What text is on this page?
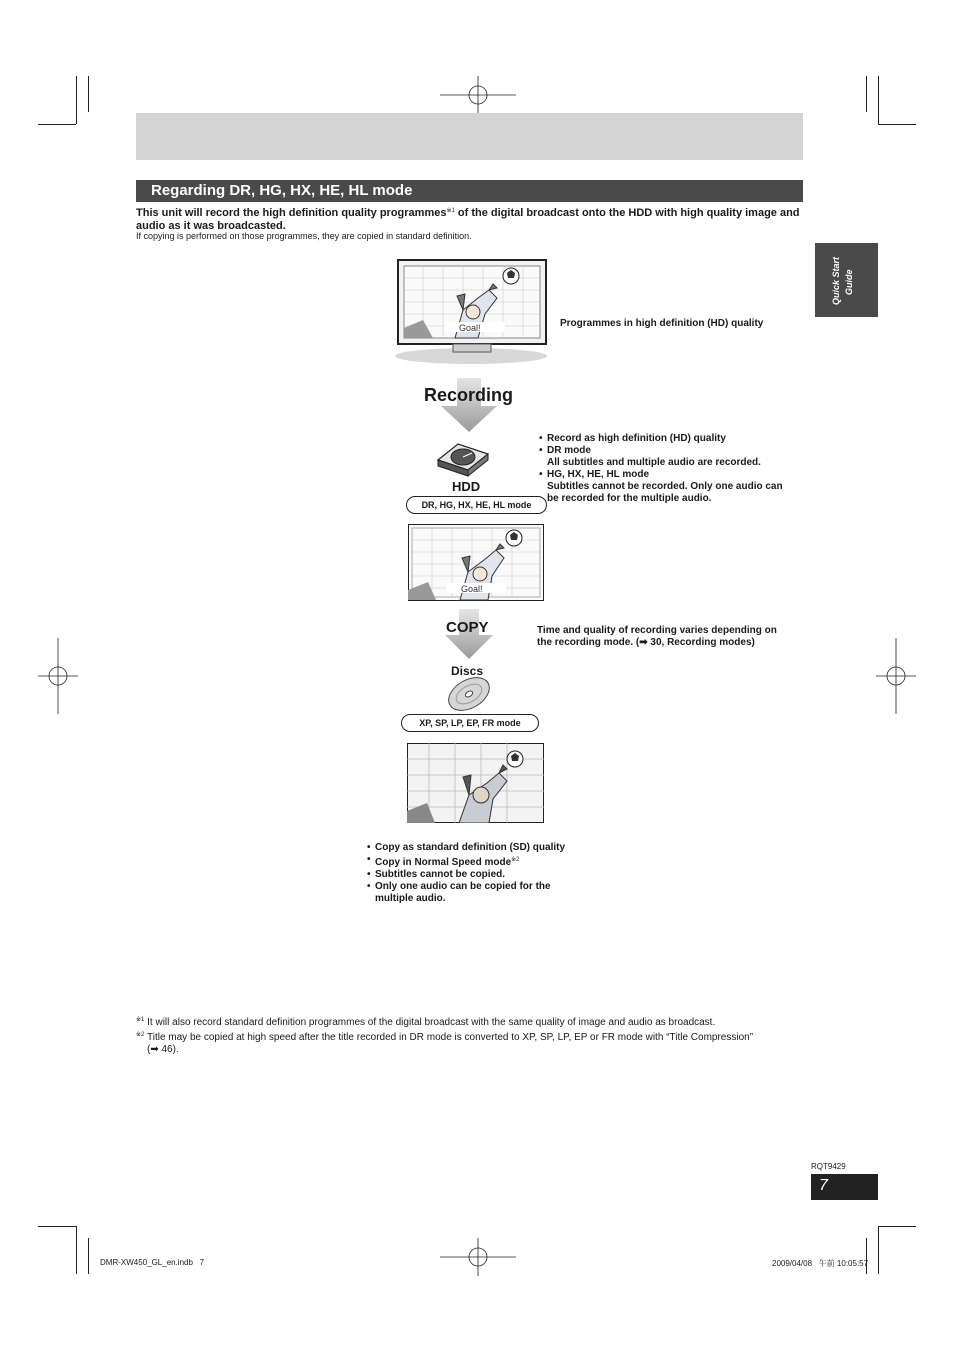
Regarding DR, HG, HX, HE, HL mode
This unit will record the high definition quality programmes$^{※1}$ of the digital broadcast onto the HDD with high quality image and audio as it was broadcasted.
If copying is performed on those programmes, they are copied in standard definition.
Quick Start Guide
Goal!	Programmes in high definition (HD) quality
Recording
HDD
DR, HG, HX, HE, HL mode
• Record as high definition (HD) quality
• DR mode
All subtitles and multiple audio are recorded.
• HG, HX, HE, HL mode
Subtitles cannot be recorded. Only one audio can
be recorded for the multiple audio.
Goal!
COPY	Time and quality of recording varies depending on
the recording mode. (➡ 30, Recording modes)
Discs
XP, SP, LP, EP, FR mode
• Copy as standard definition (SD) quality
• Copy in Normal Speed mode$^{※2}$
• Subtitles cannot be copied.
• Only one audio can be copied for the
multiple audio.
$^{※1}$ It will also record standard definition programmes of the digital broadcast with the same quality of image and audio as broadcast.
$^{※2}$ Title may be copied at high speed after the title recorded in DR mode is converted to XP, SP, LP, EP or FR mode with “Title Compression”
(➡ 46).
RQT9429
7
DMR-XW450_GL_en.indb   7	2009/04/08   午前 10:05:57
